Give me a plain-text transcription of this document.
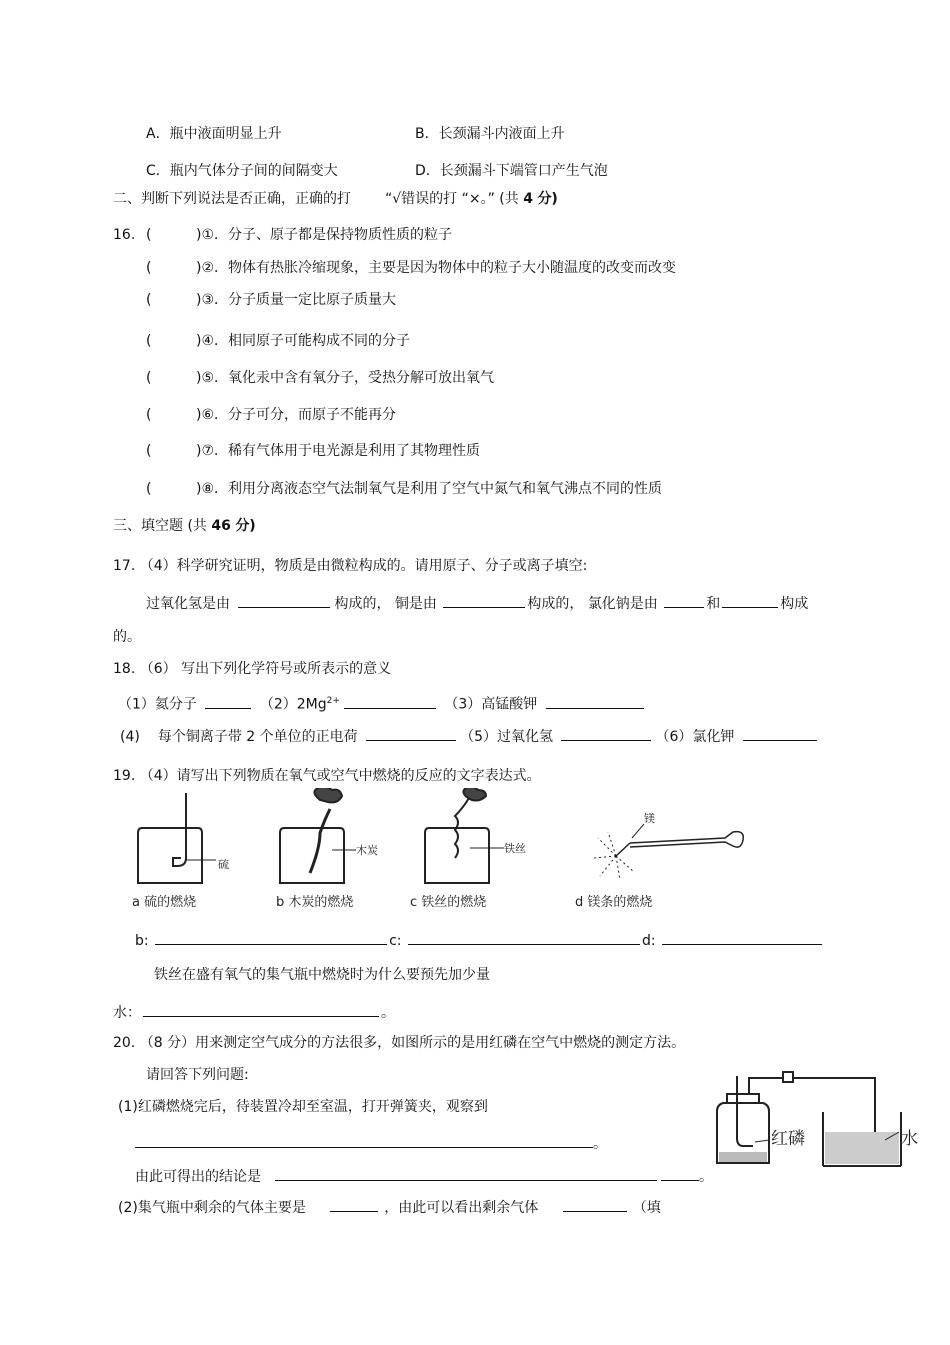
A．瓶中液面明显上升	B．长颈漏斗内液面上升
C．瓶内气体分子间的间隔变大	D．长颈漏斗下端管口产生气泡
二、判断下列说法是否正确，正确的打 “√错误的打 “×。” (共 4 分)
16. (          )①．分子、原子都是保持物质性质的粒子
(          )②．物体有热胀冷缩现象，主要是因为物体中的粒子大小随温度的改变而改变
(          )③．分子质量一定比原子质量大
(          )④．相同原子可能构成不同的分子
(          )⑤．氧化汞中含有氧分子，受热分解可放出氧气
(          )⑥．分子可分，而原子不能再分
(          )⑦．稀有气体用于电光源是利用了其物理性质
(          )⑧．利用分离液态空气法制氧气是利用了空气中氮气和氧气沸点不同的性质
三、填空题 (共 46 分)
17. （4）科学研究证明，物质是由微粒构成的。请用原子、分子或离子填空:
过氧化氢是由	构成的， 铜是由	构成的， 氯化钠是由	和	构成
的。
18. （6） 写出下列化学符号或所表示的意义
（1）氦分子	$(2)2Mg^{2+}$	（3）高锰酸钾
(4) 每个铜离子带 2 个单位的正电荷	（5）过氧化氢	（6）氯化钾
19. （4）请写出下列物质在氧气或空气中燃烧的反应的文字表达式。
硫
木炭	铁丝
镁
a 硫的燃烧	b 木炭的燃烧	c 铁丝的燃烧	d 镁条的燃烧
b:	c:	d:
铁丝在盛有氧气的集气瓶中燃烧时为什么要预先加少量
水：	。
20. （8 分）用来测定空气成分的方法很多，如图所示的是用红磷在空气中燃烧的测定方法。
请回答下列问题:
(1)红磷燃烧完后，待装置冷却至室温，打开弹簧夹，观察到
。
由此可得出的结论是	。
(2)集气瓶中剩余的气体主要是	，由此可以看出剩余气体	（填
红磷	水
